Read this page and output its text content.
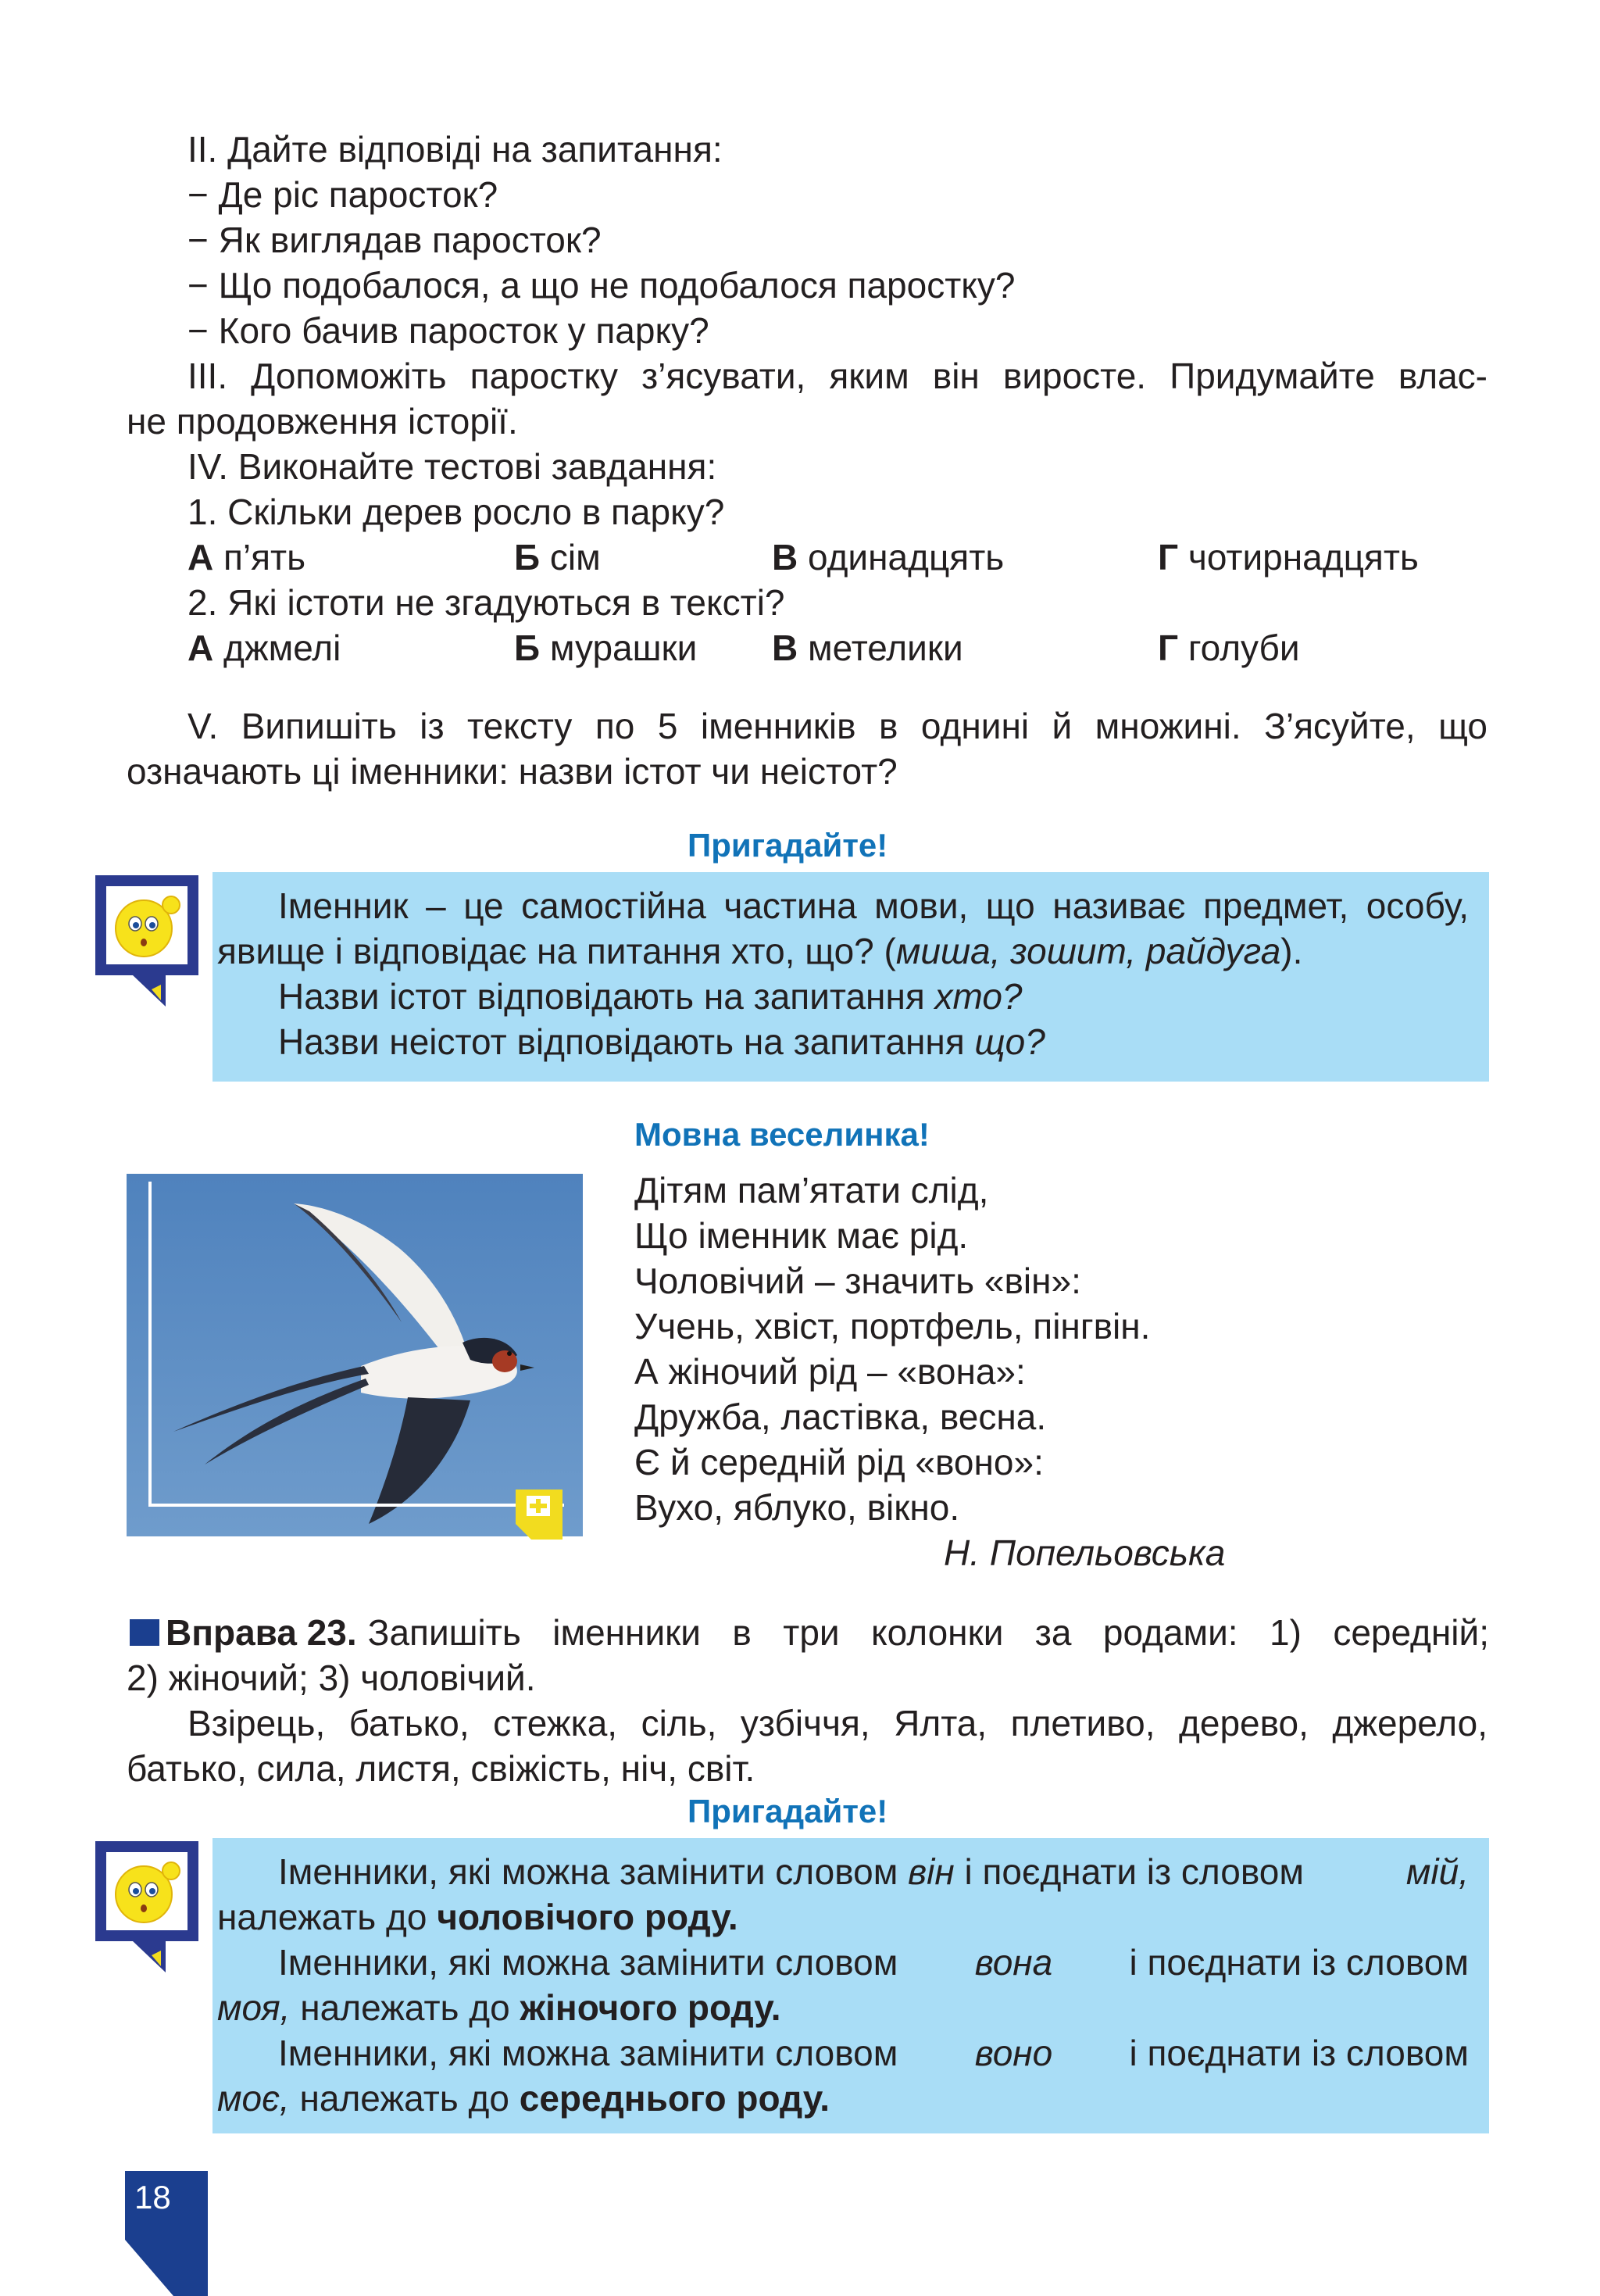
ІІ. Дайте відповіді на запитання:
− Де ріс паросток?
− Як виглядав паросток?
− Що подобалося, а що не подобалося паростку?
− Кого бачив паросток у парку?
ІІІ. Допоможіть паростку з’ясувати, яким він виросте. Придумайте влас-
не продовження історії.
IV. Виконайте тестові завдання:
1. Скільки дерев росло в парку?
А п’ять	Б сім	В одинадцять	Г чотирнадцять
2. Які істоти не згадуються в тексті?
А джмелі	Б мурашки В метелики	Г голуби
V. Випишіть із тексту по 5 іменників в однині й множині. З’ясуйте, що
означають ці іменники: назви істот чи неістот?
Пригадайте!
Іменник – це самостійна частина мови, що називає предмет, особу,
явище і відповідає на питання хто, що? (миша, зошит, райдуга).
Назви істот відповідають на запитання хто?
Назви неістот відповідають на запитання що?
Мовна веселинка!
Дітям пам’ятати слід,
Що іменник має рід.
Чоловічий – значить «він»:
Учень, хвіст, портфель, пінгвін.
А жіночий рід – «вона»:
Дружба, ластівка, весна.
Є й середній рід «воно»:
Вухо, яблуко, вікно.
Н. Попельовська
Вправа 23. Запишіть іменники в три колонки за родами: 1) середній;
2) жіночий; 3) чоловічий.
Взірець, батько, стежка, сіль, узбіччя, Ялта, плетиво, дерево, джерело,
батько, сила, листя, свіжість, ніч, світ.
Пригадайте!
Іменники, які можна замінити словом він і поєднати із словом	мій,
належать до чоловічого роду.
Іменники, які можна замінити словом вона і поєднати із словом
моя, належать до жіночого роду.
Іменники, які можна замінити словом воно і поєднати із словом
моє, належать до середнього роду.
18
